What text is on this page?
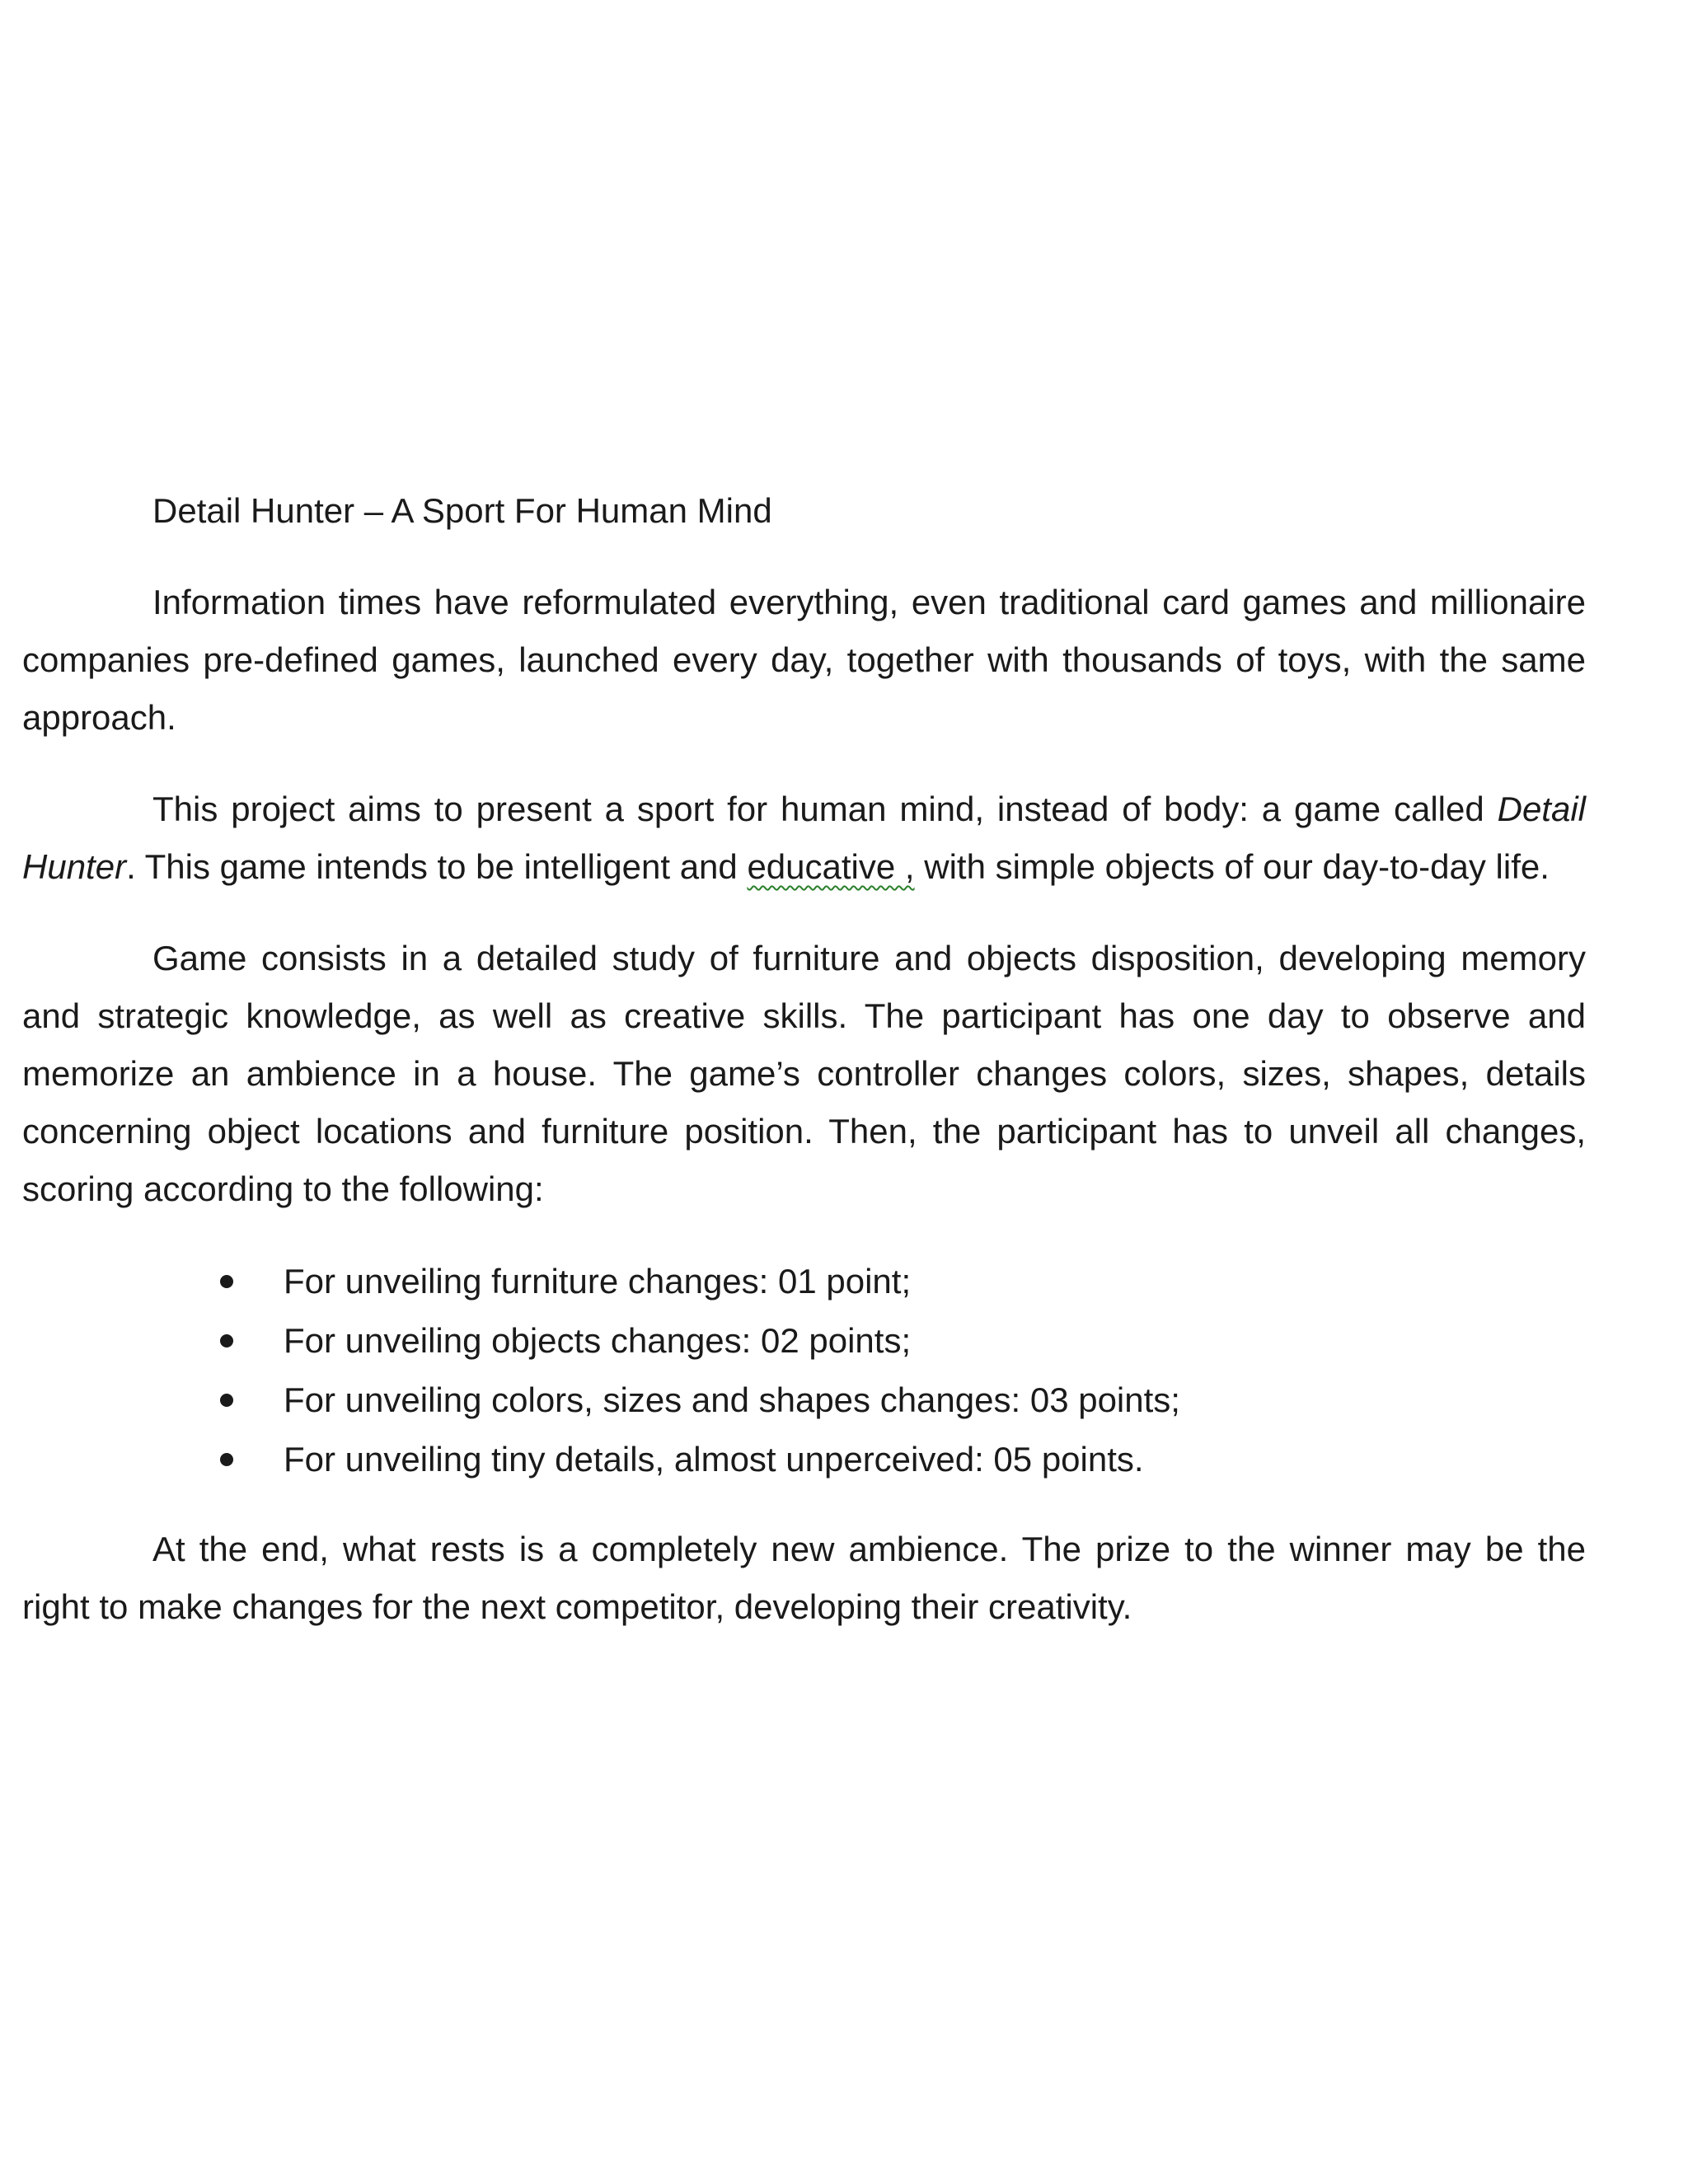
Detail Hunter – A Sport For Human Mind

Information times have reformulated everything, even traditional card games and millionaire companies pre-defined games, launched every day, together with thousands of toys, with the same approach.

This project aims to present a sport for human mind, instead of body: a game called Detail Hunter. This game intends to be intelligent and educative , with simple objects of our day-to-day life.

Game consists in a detailed study of furniture and objects disposition, developing memory and strategic knowledge, as well as creative skills. The participant has one day to observe and memorize an ambience in a house. The game’s controller changes colors, sizes, shapes, details concerning object locations and furniture position. Then, the participant has to unveil all changes, scoring according to the following:

For unveiling furniture changes: 01 point;
For unveiling objects changes: 02 points;
For unveiling colors, sizes and shapes changes: 03 points;
For unveiling tiny details, almost unperceived: 05 points.

At the end, what rests is a completely new ambience. The prize to the winner may be the right to make changes for the next competitor, developing their creativity.
